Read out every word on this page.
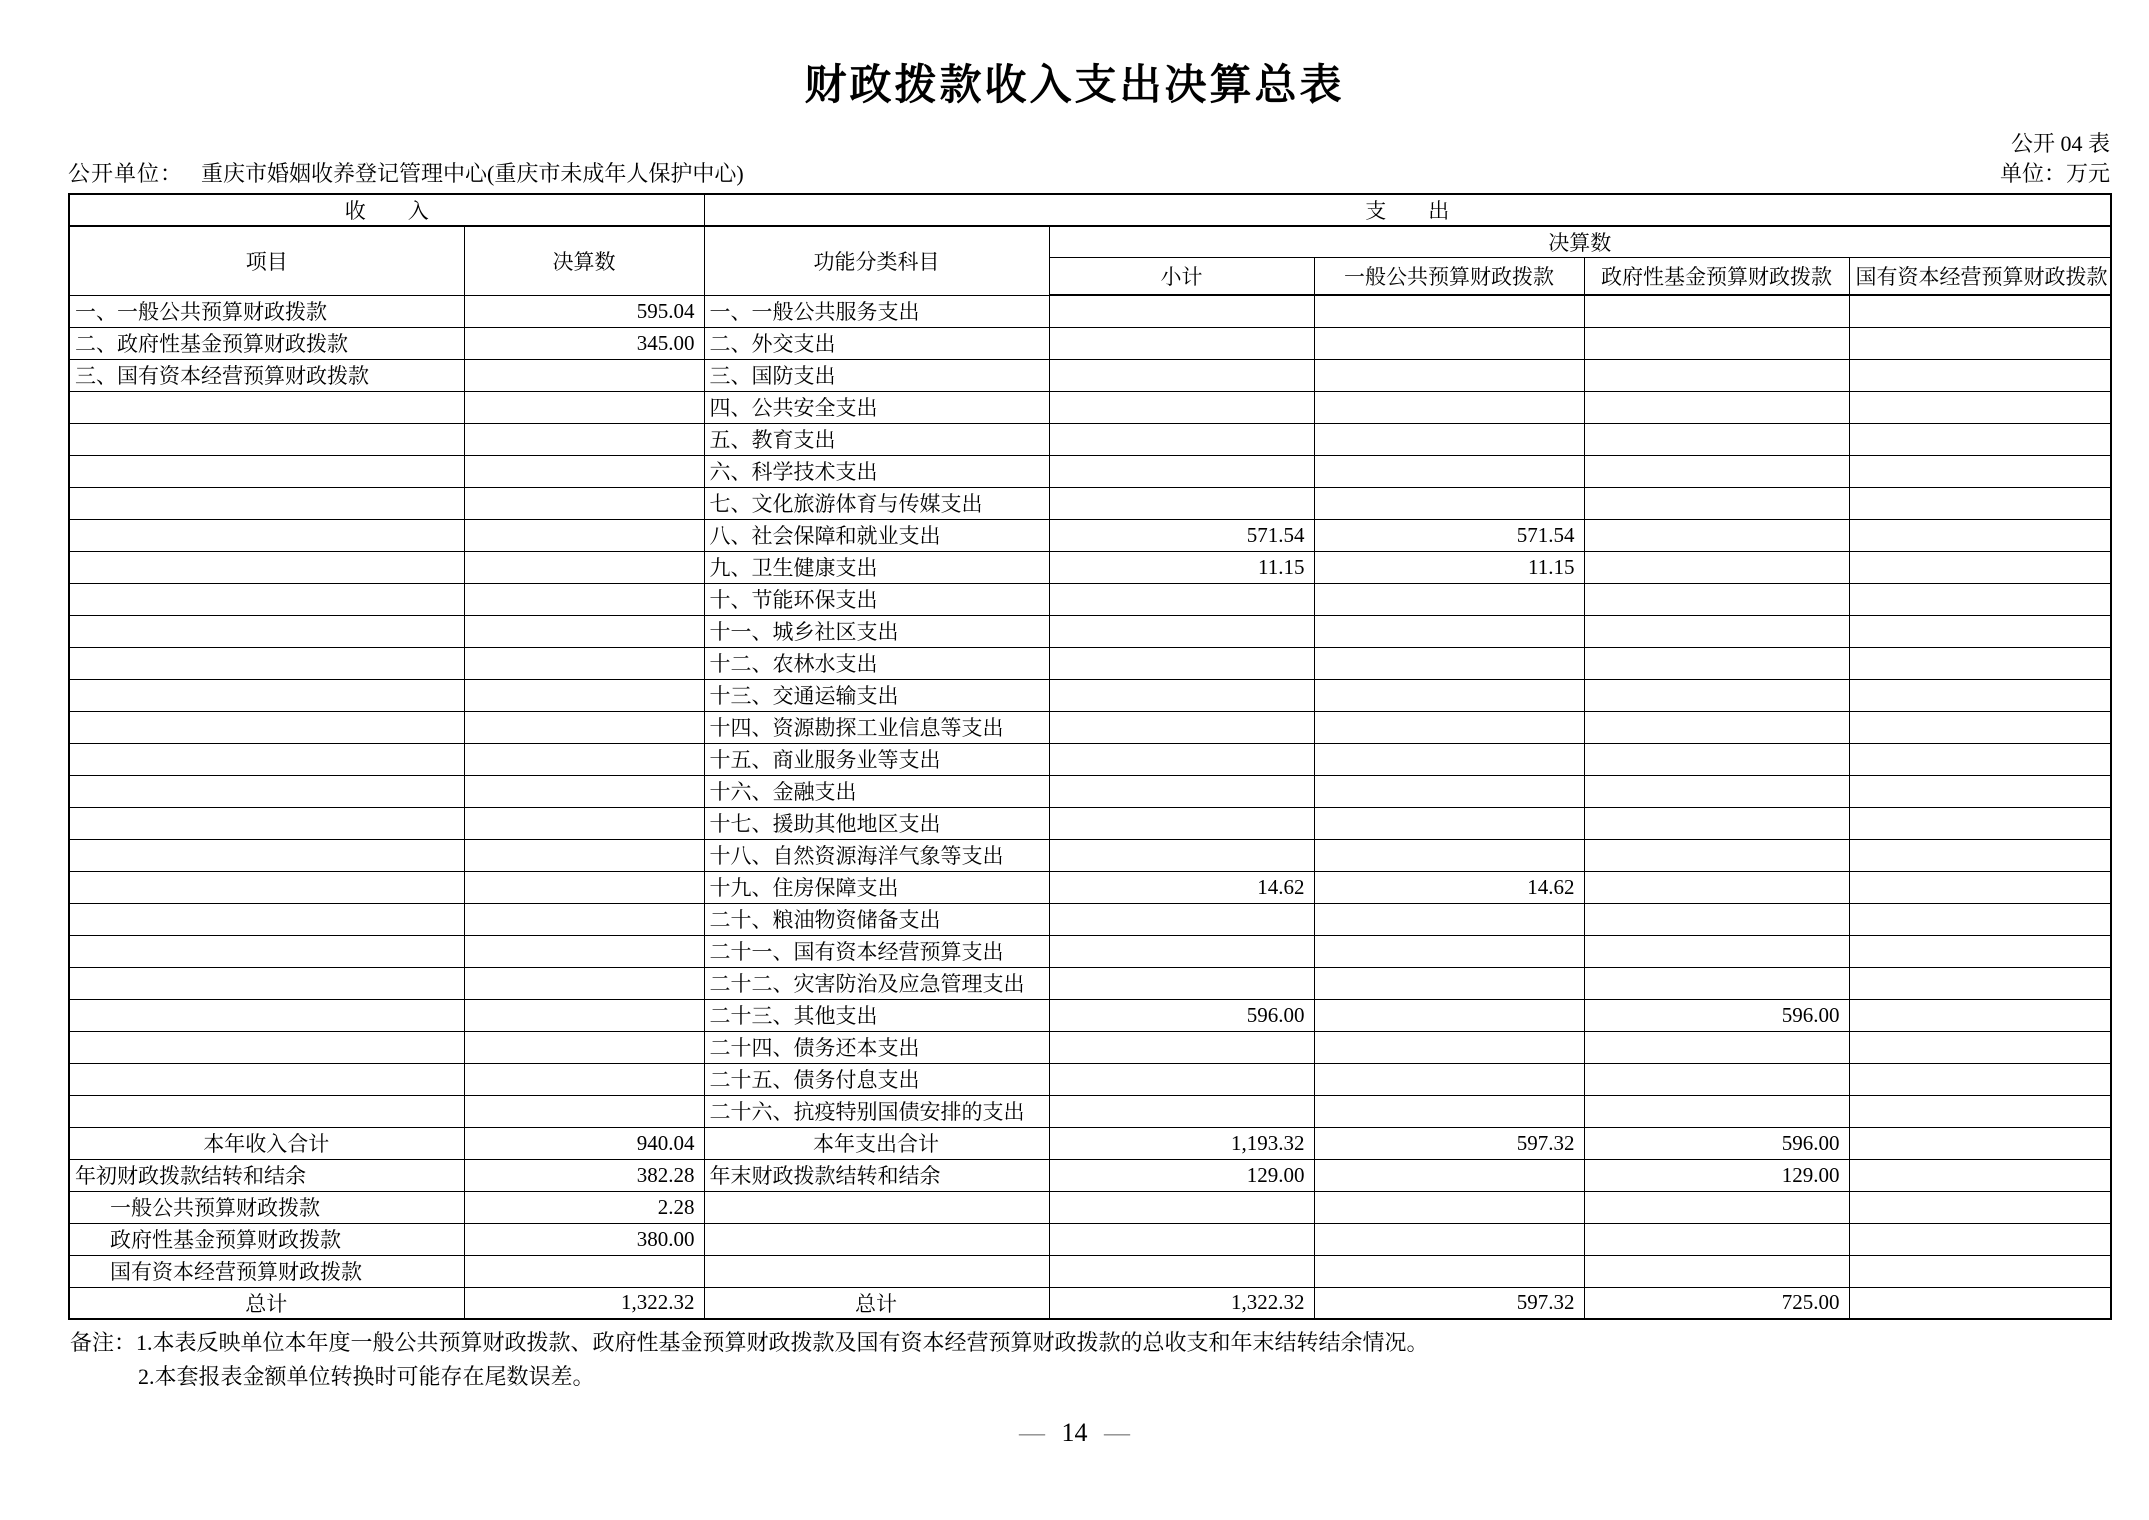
财政拨款收入支出决算总表
公开 04 表
公开单位： 重庆市婚姻收养登记管理中心(重庆市未成年人保护中心)	单位：万元
收　　入		支　　出				
项目	决算数	功能分类科目	决算数			
			小计	一般公共预算财政拨款	政府性基金预算财政拨款	国有资本经营预算财政拨款
一、一般公共预算财政拨款	595.04	一、一般公共服务支出				
二、政府性基金预算财政拨款	345.00	二、外交支出				
三、国有资本经营预算财政拨款		三、国防支出				
		四、公共安全支出				
		五、教育支出				
		六、科学技术支出				
		七、文化旅游体育与传媒支出				
		八、社会保障和就业支出	571.54	571.54		
		九、卫生健康支出	11.15	11.15		
		十、节能环保支出				
		十一、城乡社区支出				
		十二、农林水支出				
		十三、交通运输支出				
		十四、资源勘探工业信息等支出				
		十五、商业服务业等支出				
		十六、金融支出				
		十七、援助其他地区支出				
		十八、自然资源海洋气象等支出				
		十九、住房保障支出	14.62	14.62		
		二十、粮油物资储备支出				
		二十一、国有资本经营预算支出				
		二十二、灾害防治及应急管理支出				
		二十三、其他支出	596.00		596.00	
		二十四、债务还本支出				
		二十五、债务付息支出				
		二十六、抗疫特别国债安排的支出				
本年收入合计	940.04	本年支出合计	1,193.32	597.32	596.00	
年初财政拨款结转和结余	382.28	年末财政拨款结转和结余	129.00		129.00	
一般公共预算财政拨款	2.28					
政府性基金预算财政拨款	380.00					
国有资本经营预算财政拨款						
总计	1,322.32	总计	1,322.32	597.32	725.00	
备注： 1.本表反映单位本年度一般公共预算财政拨款、政府性基金预算财政拨款及国有资本经营预算财政拨款的总收支和年末结转结余情况。
2.本套报表金额单位转换时可能存在尾数误差。
— 14 —
